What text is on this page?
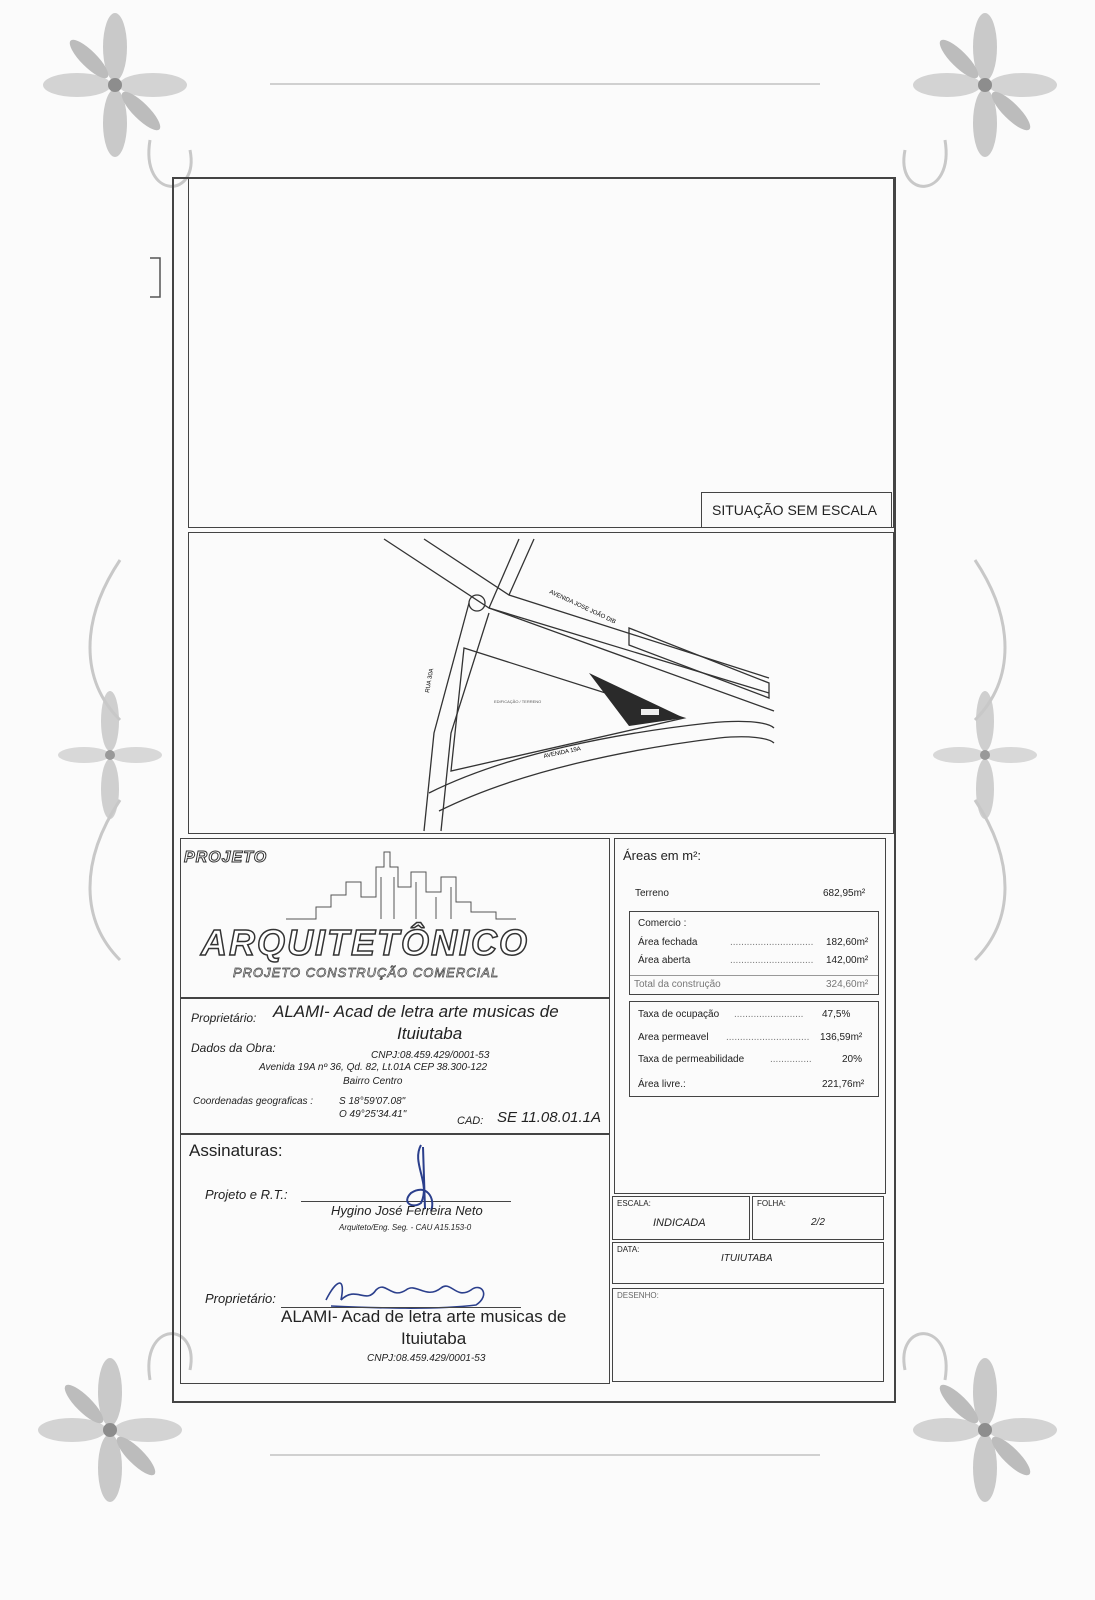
SITUAÇÃO SEM ESCALA
AVENIDA JOSE JOÃO DIB
RUA 30A
AVENIDA 19A
EDIFICAÇÃO / TERRENO
PROJETO
ARQUITETÔNICO
PROJETO CONSTRUÇÃO COMERCIAL
Proprietário: ALAMI- Acad de letra arte musicas de
Ituiutaba
Dados da Obra:
CNPJ:08.459.429/0001-53
Avenida 19A nº 36, Qd. 82, Lt.01A CEP 38.300-122
Bairro Centro
Coordenadas geograficas :	S 18°59'07.08"
O 49°25'34.41"
CAD: SE 11.08.01.1A
Assinaturas:
Projeto e R.T.:
Hygino José Ferreira Neto
Arquiteto/Eng. Seg. - CAU A15.153-0
Proprietário:
ALAMI- Acad de letra arte musicas de
Ituiutaba
CNPJ:08.459.429/0001-53
Áreas em m²:
Terreno	682,95m²
Comercio :
Área fechada	.............................. 182,60m²
Área aberta	.............................. 142,00m²
Total da construção	324,60m²
Taxa de ocupação ......................... 47,5%
Area permeavel .............................. 136,59m²
Taxa de permeabilidade	...............	20%
Área livre.:	221,76m²
ESCALA:
INDICADA
FOLHA:
2/2
DATA:
ITUIUTABA
DESENHO:
